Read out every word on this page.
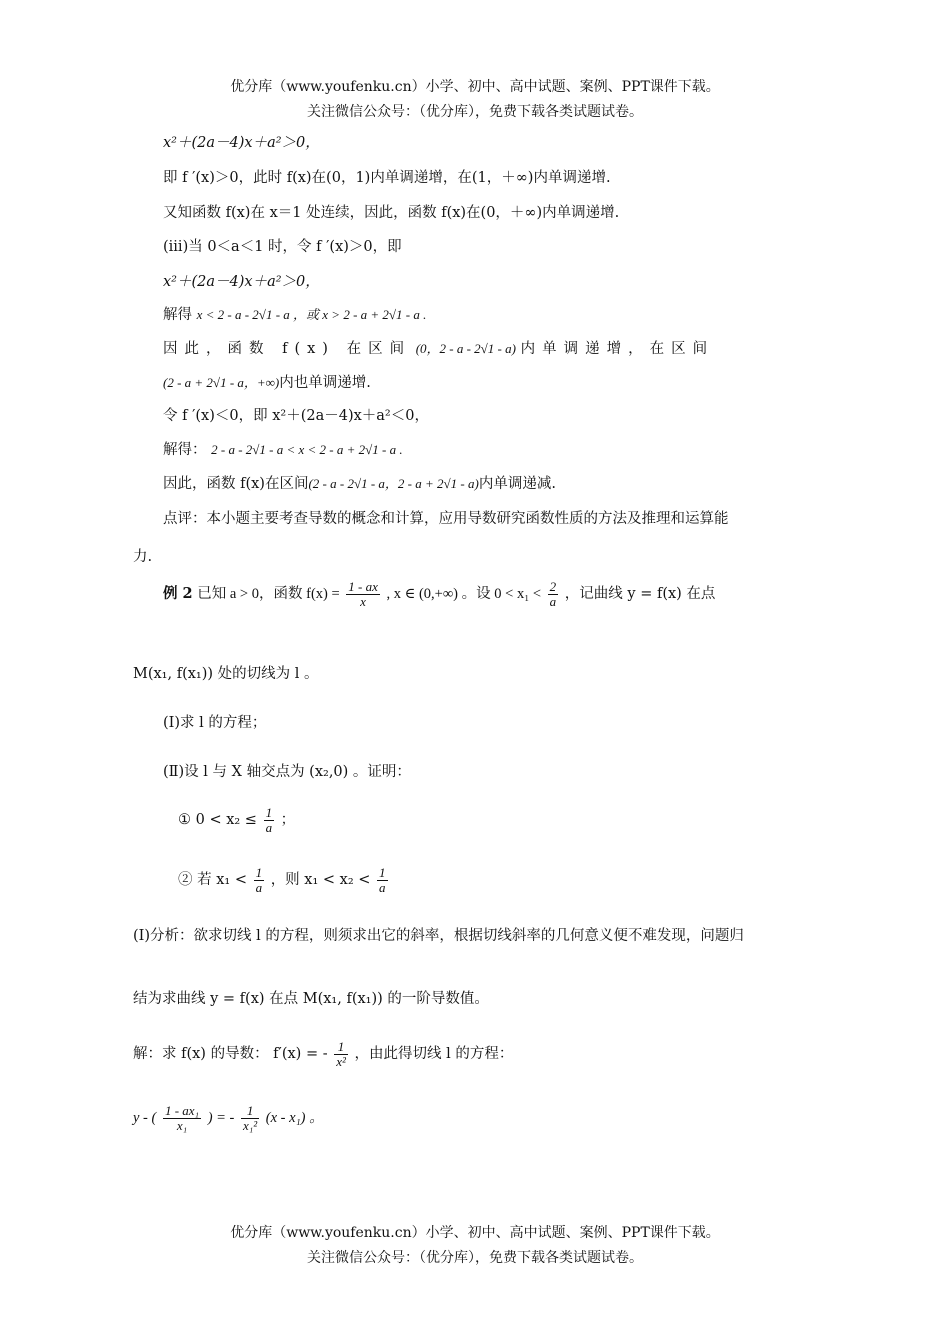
优分库（www.youfenku.cn）小学、初中、高中试题、案例、PPT课件下载。
关注微信公众号：（优分库），免费下载各类试题试卷。
x²＋(2a－4)x＋a²＞0，
即 f ′(x)＞0，此时 f(x)在(0，1)内单调递增，在(1，＋∞)内单调递增.
又知函数 f(x)在 x＝1 处连续，因此，函数 f(x)在(0，＋∞)内单调递增.
(iii)当 0＜a＜1 时，令 f ′(x)＞0，即
x²＋(2a－4)x＋a²＞0，
解得 x < 2 - a - 2√1 - a ，或 x > 2 - a + 2√1 - a .
因此，函数 f(x) 在区间 (0，2 - a - 2√1 - a) 内单调递增，在区间
(2 - a + 2√1 - a，+∞)内也单调递增.
令 f ′(x)＜0，即 x²＋(2a－4)x＋a²＜0，
解得： 2 - a - 2√1 - a < x < 2 - a + 2√1 - a .
因此，函数 f(x)在区间(2 - a - 2√1 - a，2 - a + 2√1 - a)内单调递减.
点评：本小题主要考查导数的概念和计算，应用导数研究函数性质的方法及推理和运算能
力.
例 2 已知 a > 0，函数 $f(x) = \frac{1 - ax}{x}$ , x ∈ (0,+∞) 。设 $0 < x_1 < \frac{2}{a}$ ，记曲线 y = f(x) 在点
M(x₁, f(x₁)) 处的切线为 l 。
(I)求 l 的方程；
(Ⅱ)设 l 与 X 轴交点为 (x₂,0) 。证明：
① $0 < x_2 \le \frac{1}{a}$ ；
② 若 $x_1 < \frac{1}{a}$ ，则 $x_1 < x_2 < \frac{1}{a}$
(I)分析：欲求切线 l 的方程，则须求出它的斜率，根据切线斜率的几何意义便不难发现，问题归
结为求曲线 y = f(x) 在点 M(x₁, f(x₁)) 的一阶导数值。
解：求 f(x) 的导数： f′(x) = - $\frac{1}{\text{x²}}$ ，由此得切线 l 的方程：
y - ( $\frac{\text{1 - ax₁}}{\text{x₁}}$ ) = - $\frac{1}{\text{x₁²}} (x - x_1)$ 。
优分库（www.youfenku.cn）小学、初中、高中试题、案例、PPT课件下载。
关注微信公众号：（优分库），免费下载各类试题试卷。
